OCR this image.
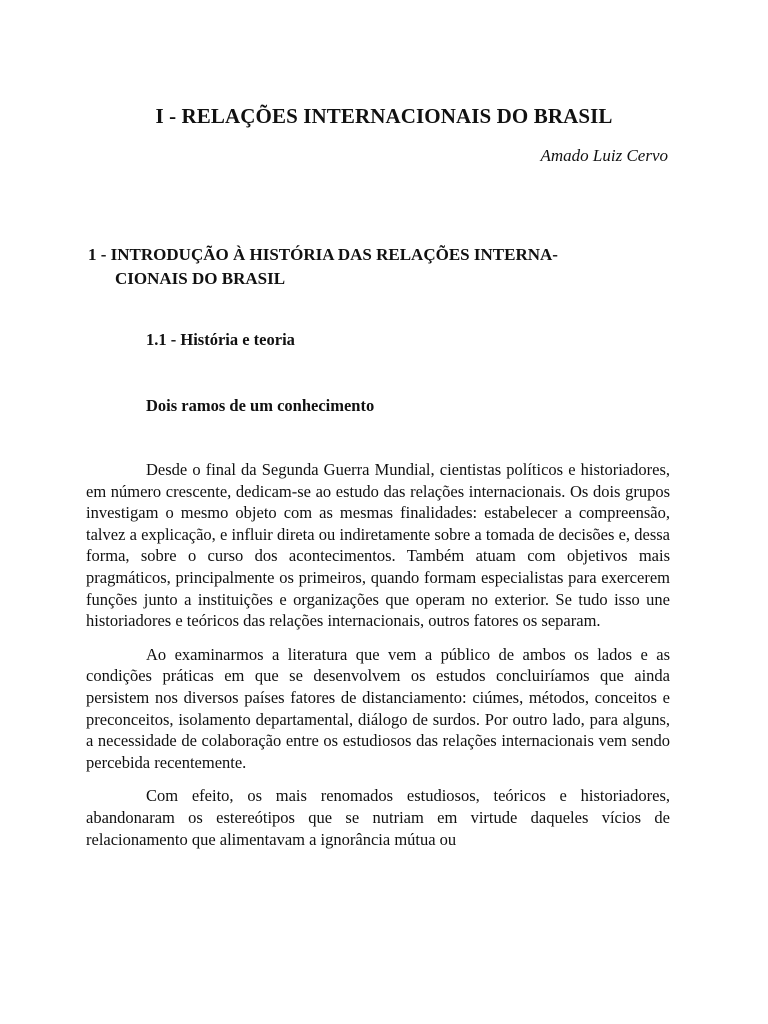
I - RELAÇÕES INTERNACIONAIS DO BRASIL

Amado Luiz Cervo

1 - INTRODUÇÃO À HISTÓRIA DAS RELAÇÕES INTERNA-
CIONAIS DO BRASIL
1.1 - História e teoria
Dois ramos de um conhecimento

Desde o final da Segunda Guerra Mundial, cientistas políticos e historiadores, em número crescente, dedicam-se ao estudo das relações internacionais. Os dois grupos investigam o mesmo objeto com as mesmas finalidades: estabelecer a compreensão, talvez a explicação, e influir direta ou indiretamente sobre a tomada de decisões e, dessa forma, sobre o curso dos acontecimentos. Também atuam com objetivos mais pragmáticos, principalmente os primeiros, quando formam especialistas para exercerem funções junto a instituições e organizações que operam no exterior. Se tudo isso une historiadores e teóricos das relações internacionais, outros fatores os separam.

Ao examinarmos a literatura que vem a público de ambos os lados e as condições práticas em que se desenvolvem os estudos concluiríamos que ainda persistem nos diversos países fatores de distanciamento: ciúmes, métodos, conceitos e preconceitos, isolamento departamental, diálogo de surdos. Por outro lado, para alguns, a necessidade de colaboração entre os estudiosos das relações internacionais vem sendo percebida recentemente.

Com efeito, os mais renomados estudiosos, teóricos e historiadores, abandonaram os estereótipos que se nutriam em virtude daqueles vícios de relacionamento que alimentavam a ignorância mútua ou
